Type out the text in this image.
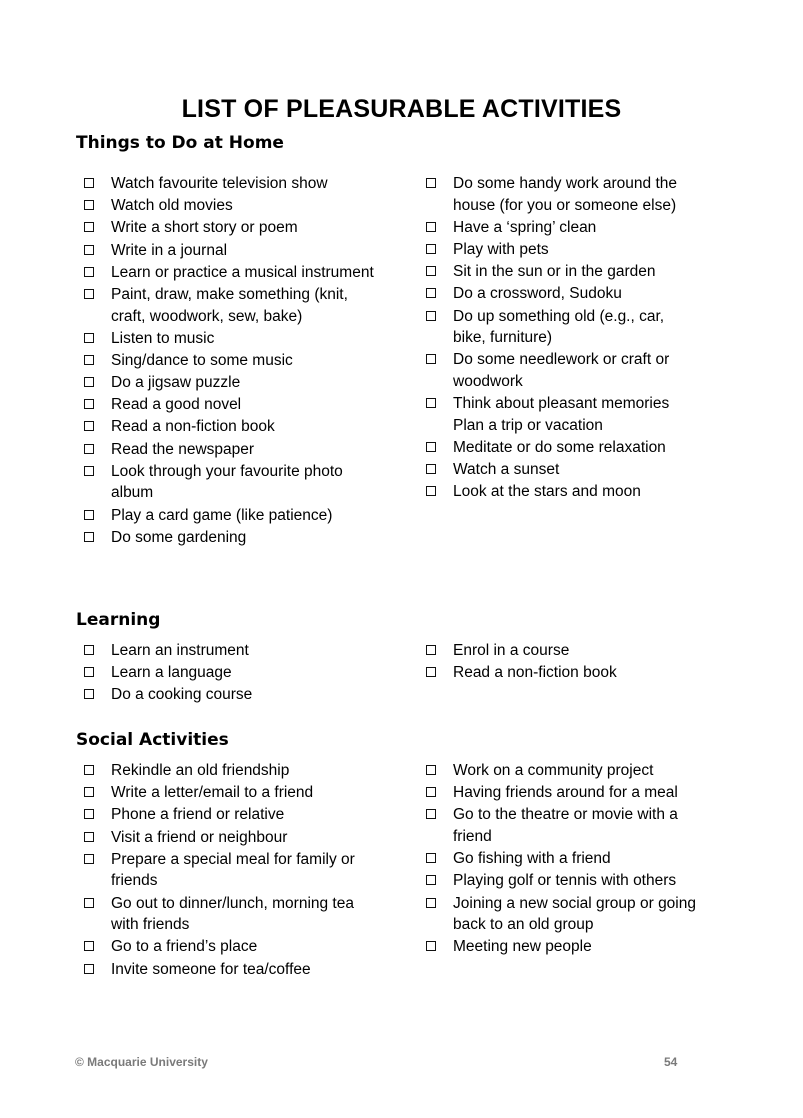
LIST OF PLEASURABLE ACTIVITIES
Things to Do at Home
Watch favourite television show
Watch old movies
Write a short story or poem
Write in a journal
Learn or practice a musical instrument
Paint, draw, make something (knit, craft, woodwork, sew, bake)
Listen to music
Sing/dance to some music
Do a jigsaw puzzle
Read a good novel
Read a non-fiction book
Read the newspaper
Look through your favourite photo album
Play a card game (like patience)
Do some gardening
Do some handy work around the house (for you or someone else)
Have a ‘spring’ clean
Play with pets
Sit in the sun or in the garden
Do a crossword, Sudoku
Do up something old (e.g., car, bike, furniture)
Do some needlework or craft or woodwork
Think about pleasant memories Plan a trip or vacation
Meditate or do some relaxation
Watch a sunset
Look at the stars and moon
Learning
Learn an instrument
Learn a language
Do a cooking course
Enrol in a course
Read a non-fiction book
Social Activities
Rekindle an old friendship
Write a letter/email to a friend
Phone a friend or relative
Visit a friend or neighbour
Prepare a special meal for family or friends
Go out to dinner/lunch, morning tea with friends
Go to a friend’s place
Invite someone for tea/coffee
Work on a community project
Having friends around for a meal
Go to the theatre or movie with a friend
Go fishing with a friend
Playing golf or tennis with others
Joining a new social group or going back to an old group
Meeting new people
© Macquarie University	54
